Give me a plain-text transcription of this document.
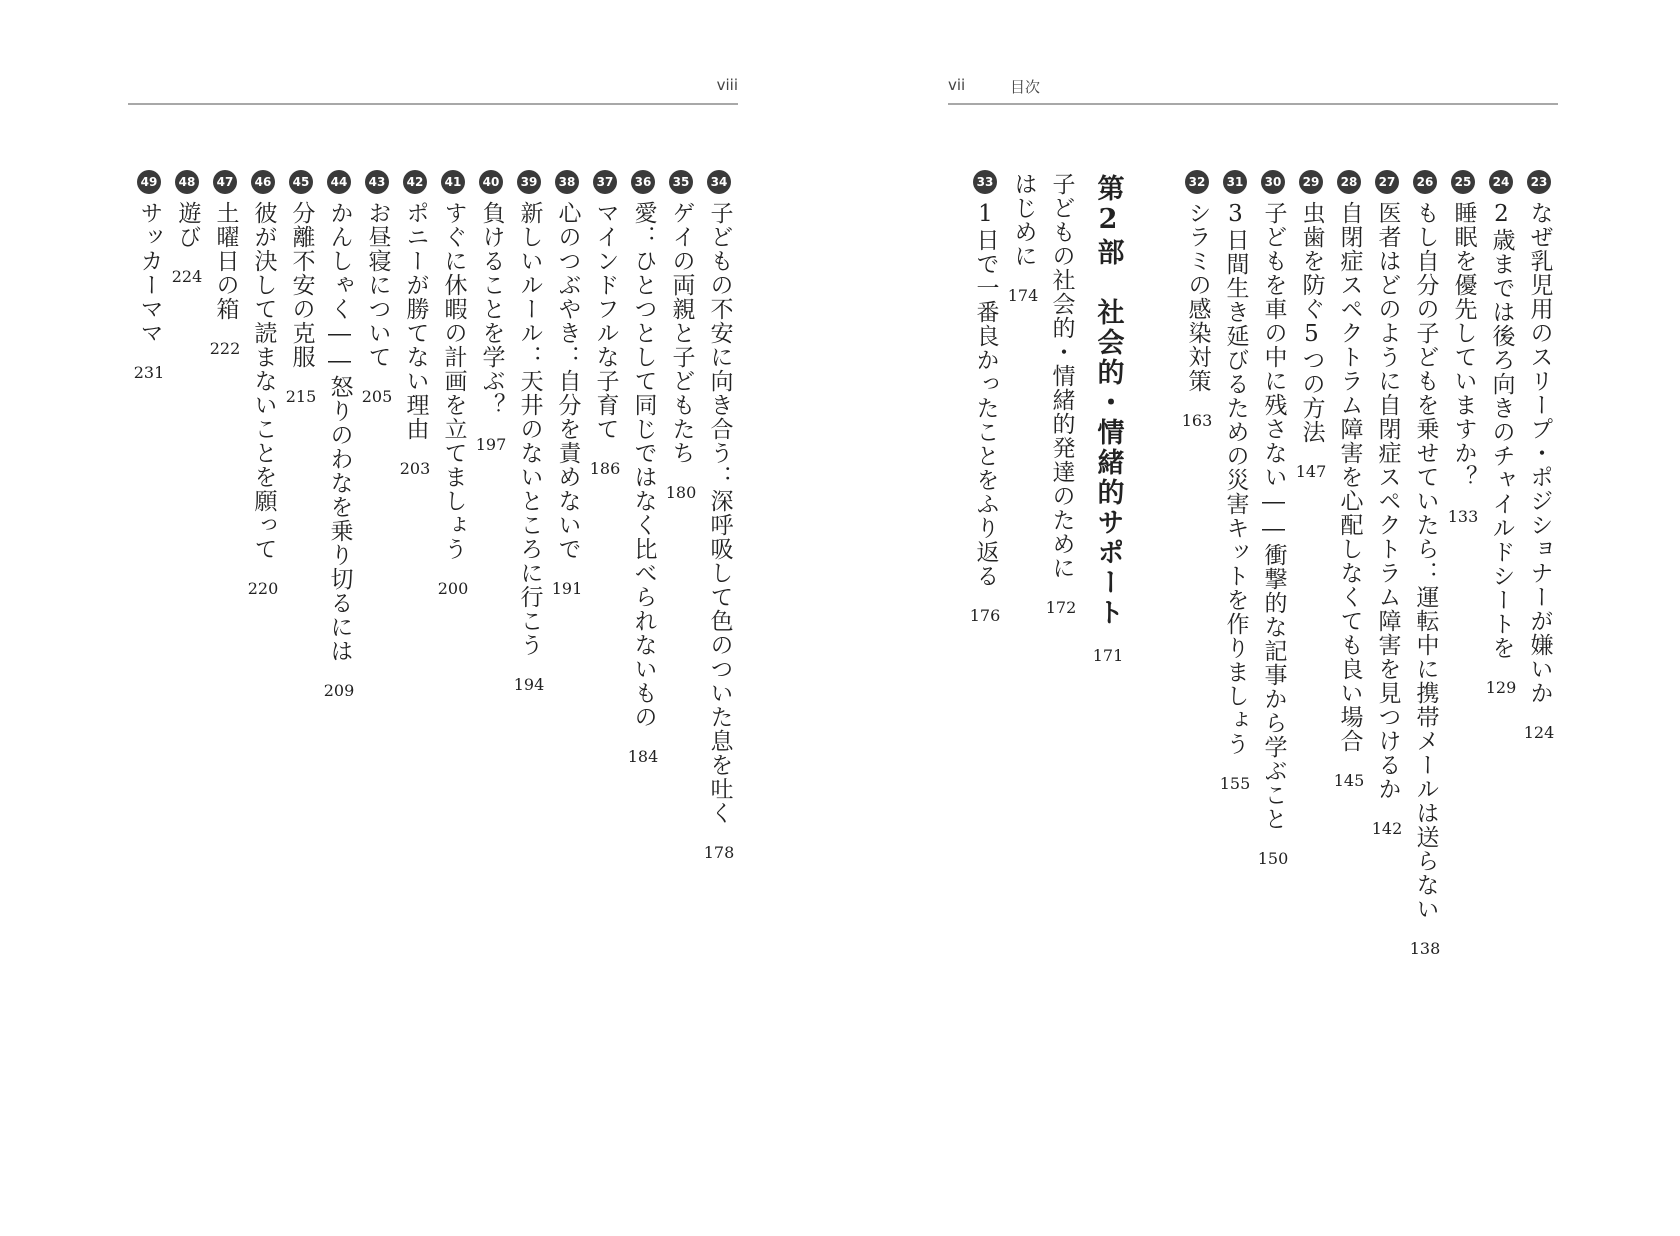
viii
34
子どもの不安に向き合う：深呼吸して色のついた息を吐く
178
35
ゲイの両親と子どもたち
180
36
愛：ひとつとして同じではなく比べられないもの
184
37
マインドフルな子育て
186
38
心のつぶやき：自分を責めないで
191
39
新しいルール：天井のないところに行こう
194
40
負けることを学ぶ？
197
41
すぐに休暇の計画を立てましょう
200
42
ポニーが勝てない理由
203
43
お昼寝について
205
44
かんしゃく――怒りのわなを乗り切るには
209
45
分離不安の克服
215
46
彼が決して読まないことを願って
220
47
土曜日の箱
222
48
遊び
224
49
サッカーママ
231
vii	目次
23
なぜ乳児用のスリープ・ポジショナーが嫌いか
124
24
2歳までは後ろ向きのチャイルドシートを
129
25
睡眠を優先していますか？
133
26
もし自分の子どもを乗せていたら：運転中に携帯メールは送らない
138
27
医者はどのように自閉症スペクトラム障害を見つけるか
142
28
自閉症スペクトラム障害を心配しなくても良い場合
145
29
虫歯を防ぐ5つの方法
147
30
子どもを車の中に残さない――衝撃的な記事から学ぶこと
150
31
3日間生き延びるための災害キットを作りましょう
155
32
シラミの感染対策
163
第2部　社会的・情緒的サポート
171
子どもの社会的・情緒的発達のために
172
はじめに
174
33
1日で一番良かったことをふり返る
176
